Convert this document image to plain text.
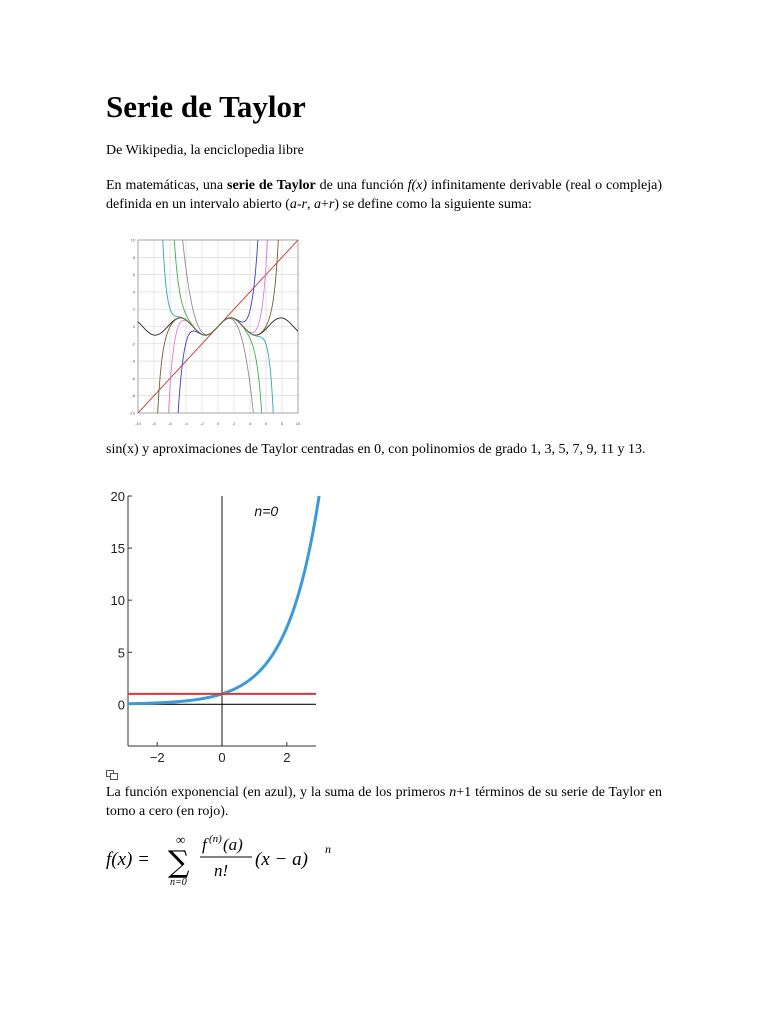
Serie de Taylor

De Wikipedia, la enciclopedia libre

En matemáticas, una serie de Taylor de una función f(x) infinitamente derivable (real o compleja) definida en un intervalo abierto (a-r, a+r) se define como la siguiente suma:

-10	-8	-6	-4	-2	0	2	4	6	8	10
10
8
6
4
2
0
-2
-4
-6
-8
-10

sin(x) y aproximaciones de Taylor centradas en 0, con polinomios de grado 1, 3, 5, 7, 9, 11 y 13.

20
15
10
5
0
−2	0	2
n=0

La función exponencial (en azul), y la suma de los primeros n+1 términos de su serie de Taylor en torno a cero (en rojo).

f(x) =
∞
∑
n=0
f (n) (a)
n!
(x − a) n
